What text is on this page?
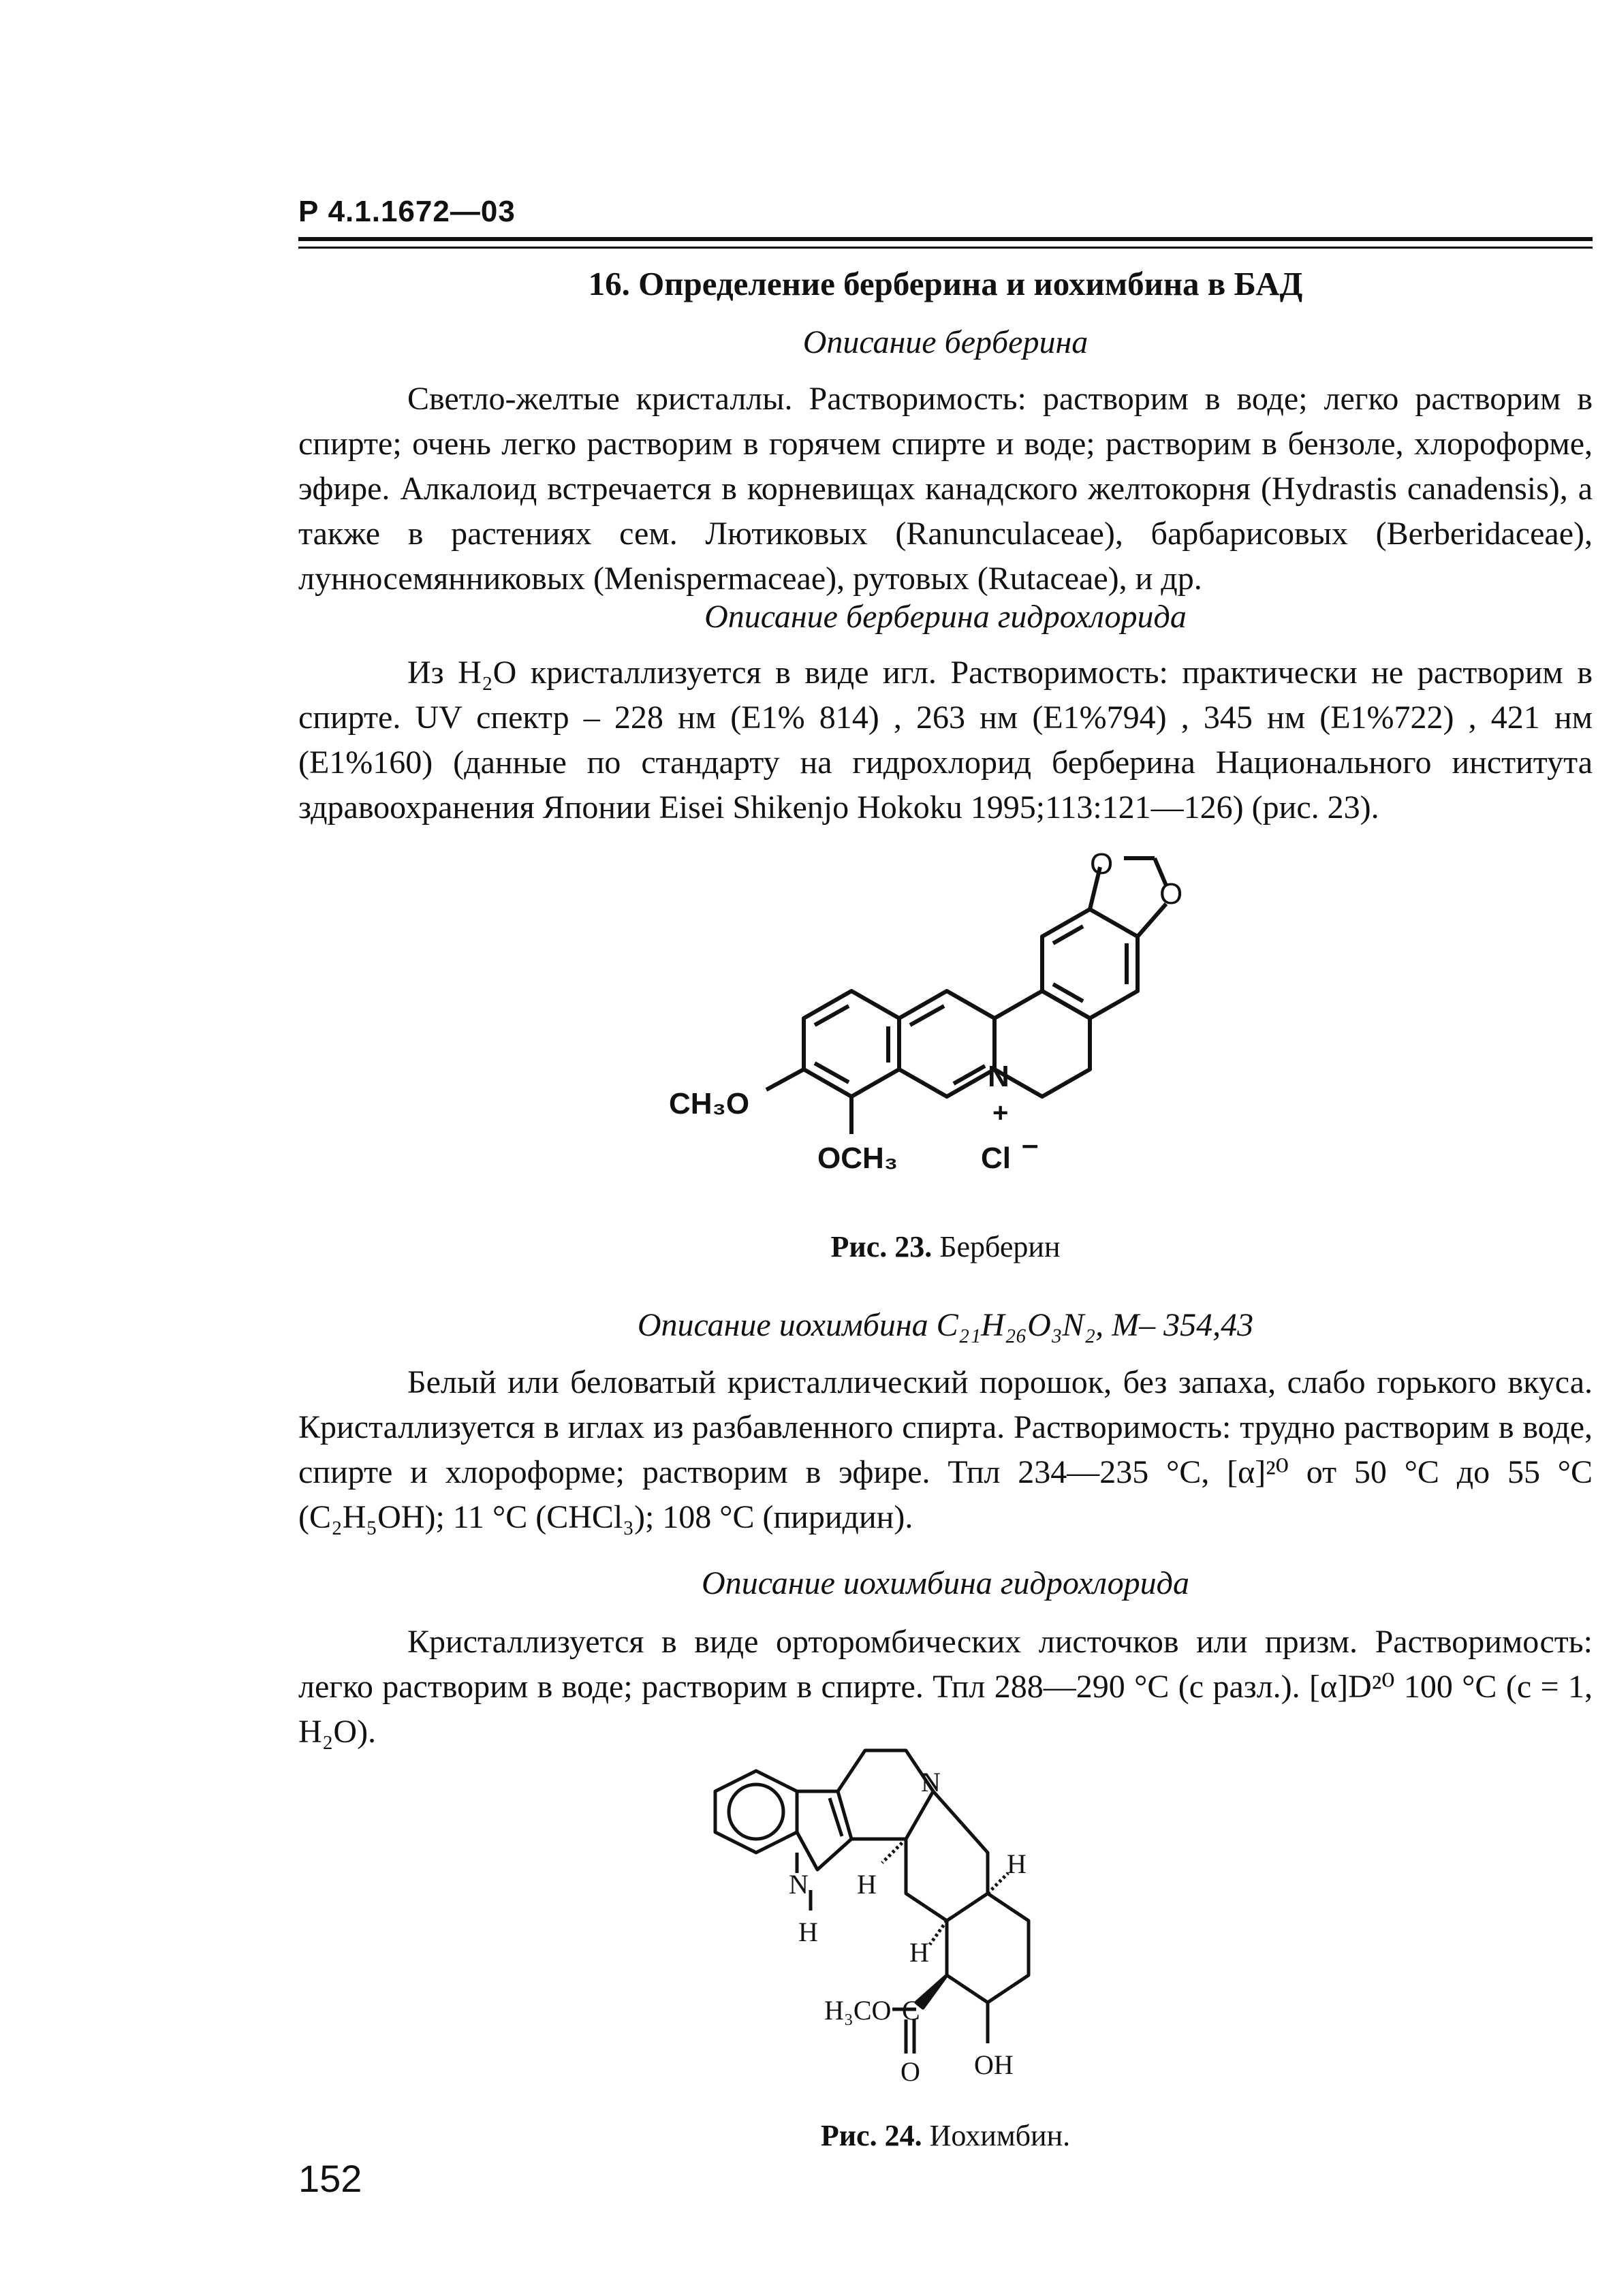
Р 4.1.1672—03
16. Определение берберина и иохимбина в БАД
Описание берберина
Светло-желтые кристаллы. Растворимость: растворим в воде; легко растворим в спирте; очень легко растворим в горячем спирте и воде; растворим в бензоле, хлороформе, эфире. Алкалоид встречается в корневищах канадского желтокорня (Hydrastis canadensis), а также в растениях сем. Лютиковых (Ranunculaceae), барбарисовых (Berberidaceae), лунносемянниковых (Menispermaceae), рутовых (Rutaceae), и др.
Описание берберина гидрохлорида
Из H₂O кристаллизуется в виде игл. Растворимость: практически не растворим в спирте. UV спектр – 228 нм (E1% 814) , 263 нм (E1%794) , 345 нм (E1%722) , 421 нм (E1%160) (данные по стандарту на гидрохлорид берберина Национального института здравоохранения Японии Eisei Shikenjo Hokoku 1995;113:121—126) (рис. 23).
O
O
N
+
CH₃O
OCH₃	Cl –
Рис. 23. Берберин
Описание иохимбина C₂₁H₂₆O₃N₂, M– 354,43
Белый или беловатый кристаллический порошок, без запаха, слабо горького вкуса. Кристаллизуется в иглах из разбавленного спирта. Растворимость: трудно растворим в воде, спирте и хлороформе; растворим в эфире. Тпл 234—235 °С, [α]²⁰ от 50 °С до 55 °С (C₂H₅OH); 11 °С (CHCl₃); 108 °С (пиридин).
Описание иохимбина гидрохлорида
Кристаллизуется в виде орторомбических листочков или призм. Растворимость: легко растворим в воде; растворим в спирте. Тпл 288—290 °С (с разл.). [α]D²⁰ 100 °С (с = 1, H₂O).
N
N
H
H
H
H
H₃CO C
O OH
Рис. 24. Иохимбин.
152
